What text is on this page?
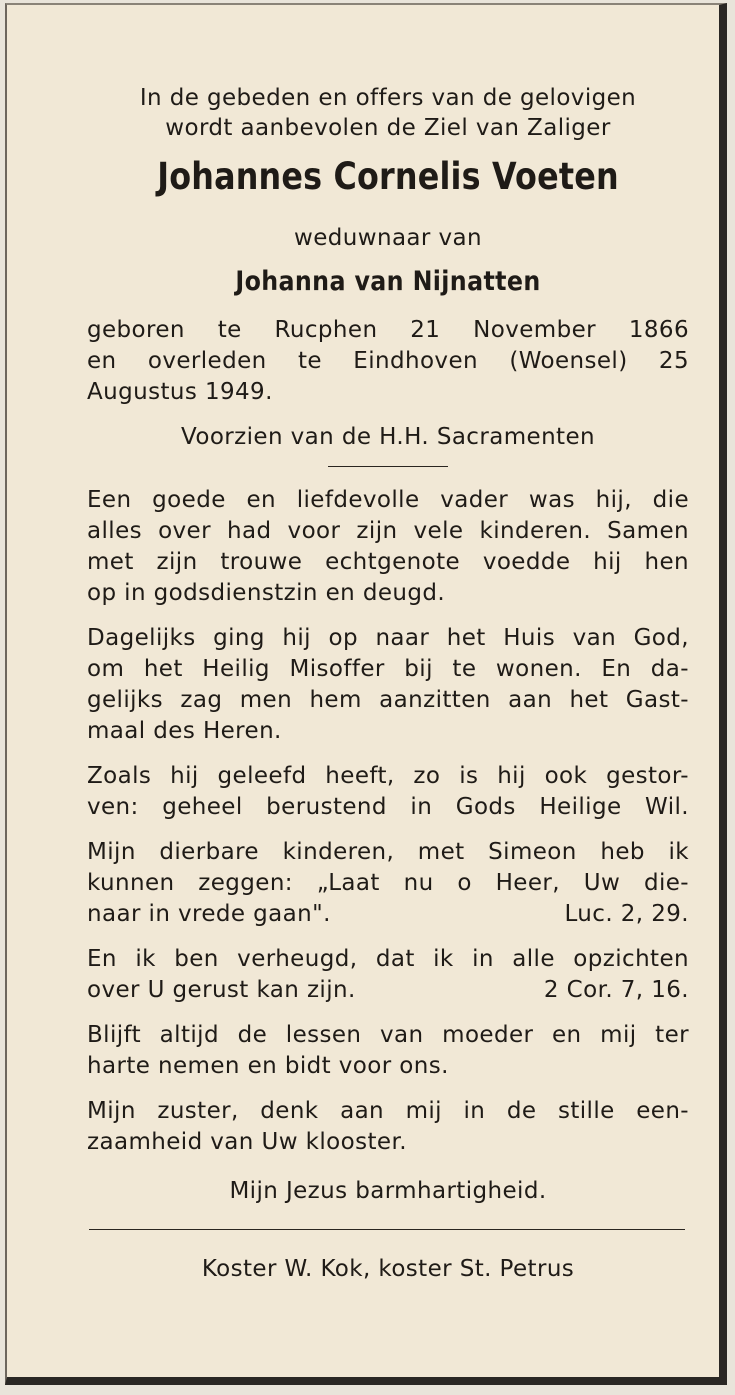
In de gebeden en offers van de gelovigen
wordt aanbevolen de Ziel van Zaliger
Johannes Cornelis Voeten
weduwnaar van
Johanna van Nijnatten
geboren te Rucphen 21 November 1866
en overleden te Eindhoven (Woensel) 25
Augustus 1949.
Voorzien van de H.H. Sacramenten
Een goede en liefdevolle vader was hij, die
alles over had voor zijn vele kinderen. Samen
met zijn trouwe echtgenote voedde hij hen
op in godsdienstzin en deugd.
Dagelijks ging hij op naar het Huis van God,
om het Heilig Misoffer bij te wonen. En da-
gelijks zag men hem aanzitten aan het Gast-
maal des Heren.
Zoals hij geleefd heeft, zo is hij ook gestor-
ven: geheel berustend in Gods Heilige Wil.
Mijn dierbare kinderen, met Simeon heb ik
kunnen zeggen: „Laat nu o Heer, Uw die-
naar in vrede gaan".	Luc. 2, 29.
En ik ben verheugd, dat ik in alle opzichten
over U gerust kan zijn.	2 Cor. 7, 16.
Blijft altijd de lessen van moeder en mij ter
harte nemen en bidt voor ons.
Mijn zuster, denk aan mij in de stille een-
zaamheid van Uw klooster.
Mijn Jezus barmhartigheid.
Koster W. Kok, koster St. Petrus
